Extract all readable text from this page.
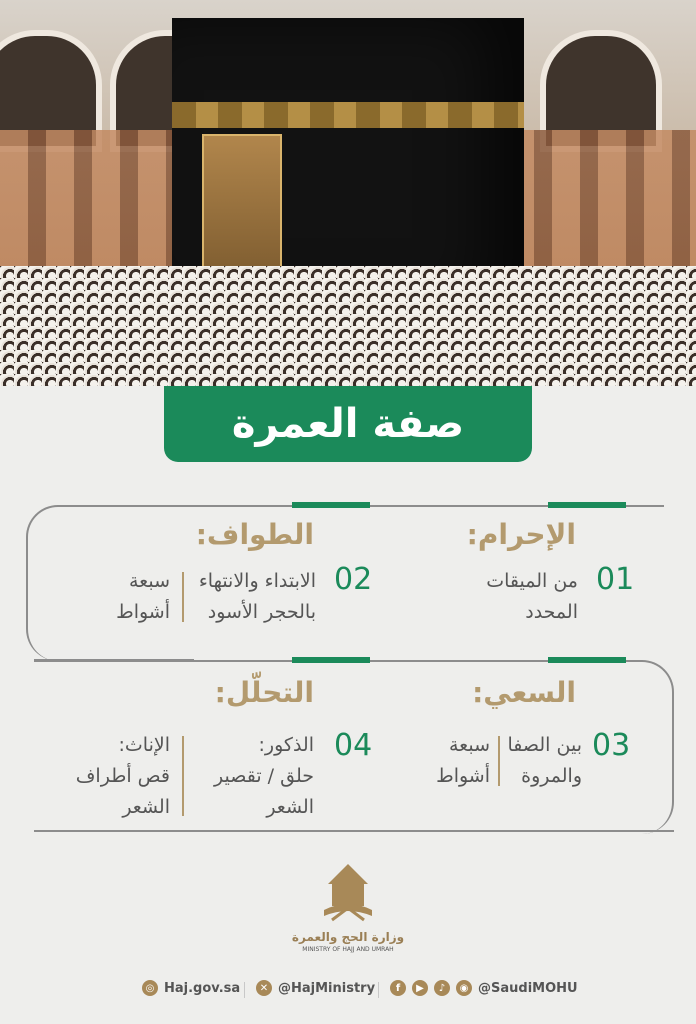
صفة العمرة
الإحرام:
01
من الميقات
المحدد
الطواف:
02
الابتداء والانتهاء
بالحجر الأسود
سبعة
أشواط
السعي:
03
بين الصفا
والمروة
سبعة
أشواط
التحلّل:
04
الذكور:
حلق / تقصير
الشعر
الإناث:
قص أطراف
الشعر
وزارة الحج والعمرة
MINISTRY OF HAJJ AND UMRAH
◎ Haj.gov.sa	✕ @HajMinistry	f	▶	♪	◉ @SaudiMOHU
